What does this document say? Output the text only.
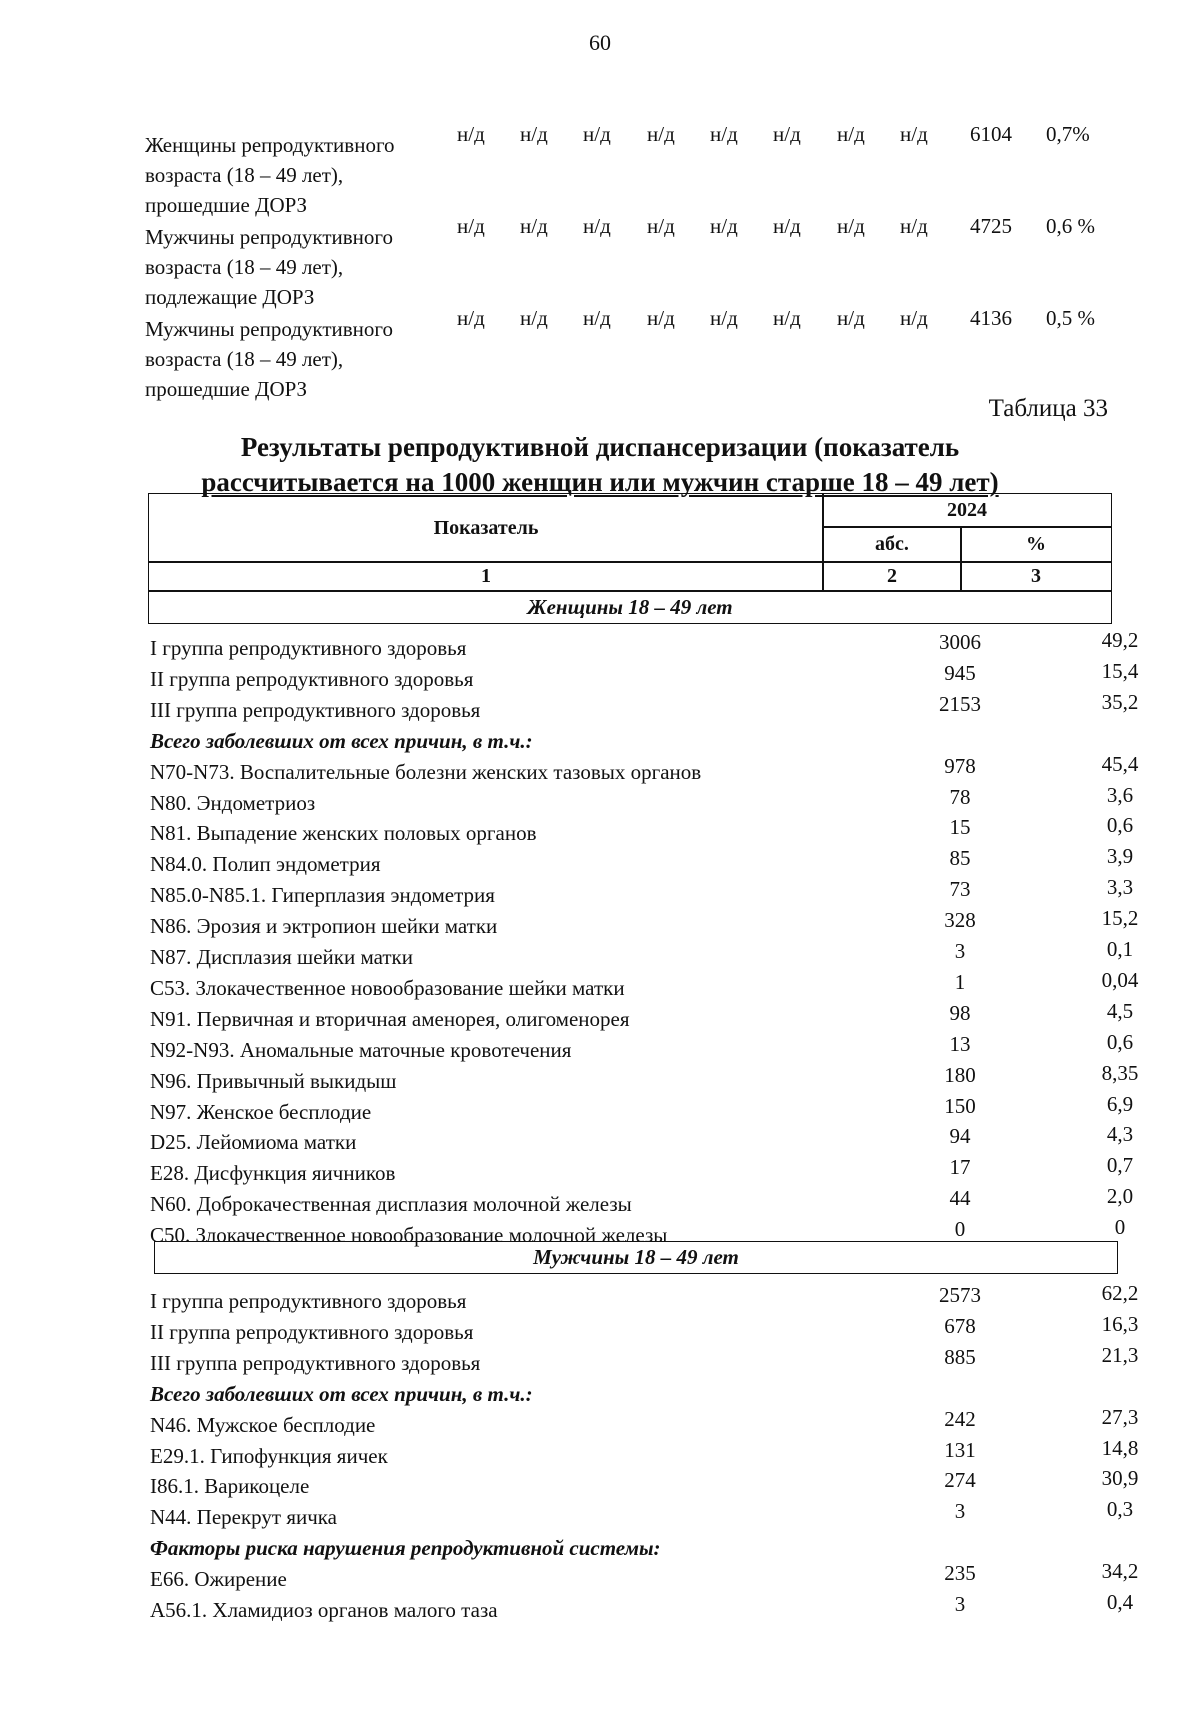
60
Женщины репродуктивного
возраста (18 – 49 лет),
прошедшие ДОРЗ
н/д н/д н/д н/д н/д н/д н/д н/д 6104 0,7%
Мужчины репродуктивного
возраста (18 – 49 лет),
подлежащие ДОРЗ
н/д н/д н/д н/д н/д н/д н/д н/д 4725 0,6 %
Мужчины репродуктивного
возраста (18 – 49 лет),
прошедшие ДОРЗ
н/д н/д н/д н/д н/д н/д н/д н/д 4136 0,5 %
Таблица 33
Результаты репродуктивной диспансеризации (показатель
рассчитывается на 1000 женщин или мужчин старше 18 – 49 лет)
Показатель
2024
абс.	%
1	2	3
Женщины 18 – 49 лет
I группа репродуктивного здоровья	3006	49,2
II группа репродуктивного здоровья	945	15,4
III группа репродуктивного здоровья	2153	35,2
Всего заболевших от всех причин, в т.ч.:
N70-N73. Воспалительные болезни женских тазовых органов	978	45,4
N80. Эндометриоз	78	3,6
N81. Выпадение женских половых органов	15	0,6
N84.0. Полип эндометрия	85	3,9
N85.0-N85.1. Гиперплазия эндометрия	73	3,3
N86. Эрозия и эктропион шейки матки	328	15,2
N87. Дисплазия шейки матки	3	0,1
C53. Злокачественное новообразование шейки матки	1	0,04
N91. Первичная и вторичная аменорея, олигоменорея	98	4,5
N92-N93. Аномальные маточные кровотечения	13	0,6
N96. Привычный выкидыш	180	8,35
N97. Женское бесплодие	150	6,9
D25. Лейомиома матки	94	4,3
E28. Дисфункция яичников	17	0,7
N60. Доброкачественная дисплазия молочной железы	44	2,0
C50. Злокачественное новообразование молочной железы	0	0
Мужчины 18 – 49 лет
I группа репродуктивного здоровья	2573	62,2
II группа репродуктивного здоровья	678	16,3
III группа репродуктивного здоровья	885	21,3
Всего заболевших от всех причин, в т.ч.:
N46. Мужское бесплодие	242	27,3
E29.1. Гипофункция яичек	131	14,8
I86.1. Варикоцеле	274	30,9
N44. Перекрут яичка	3	0,3
Факторы риска нарушения репродуктивной системы:
E66. Ожирение	235	34,2
A56.1. Хламидиоз органов малого таза	3	0,4
